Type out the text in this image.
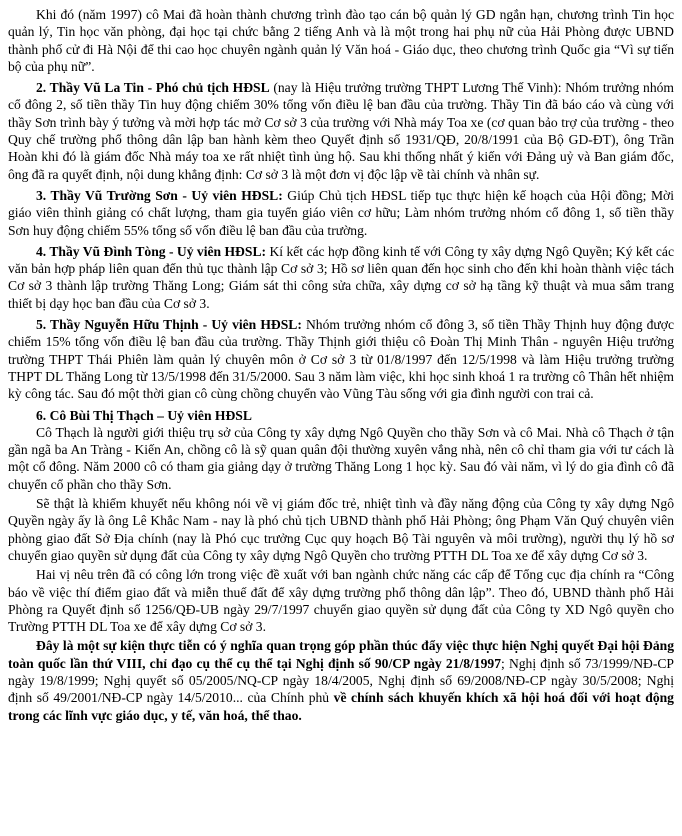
Khi đó (năm 1997) cô Mai đã hoàn thành chương trình đào tạo cán bộ quản lý GD ngắn hạn, chương trình Tin học quản lý, Tin học văn phòng, đại học tại chức bằng 2 tiếng Anh và là một trong hai phụ nữ của Hải Phòng được UBND thành phố cử đi Hà Nội để thi cao học chuyên ngành quản lý Văn hoá - Giáo dục, theo chương trình Quốc gia “Vì sự tiến bộ của phụ nữ”.

2. Thầy Vũ La Tin - Phó chủ tịch HĐSL (nay là Hiệu trưởng trường THPT Lương Thế Vinh): Nhóm trưởng nhóm cổ đông 2, số tiền thầy Tin huy động chiếm 30% tổng vốn điều lệ ban đầu của trường. Thầy Tin đã báo cáo và cùng với thầy Sơn trình bày ý tưởng và mời hợp tác mở Cơ sở 3 của trường với Nhà máy Toa xe (cơ quan bảo trợ của trường - theo Quy chế trường phổ thông dân lập ban hành kèm theo Quyết định số 1931/QĐ, 20/8/1991 của Bộ GD-ĐT), ông Trần Hoàn khi đó là giám đốc Nhà máy toa xe rất nhiệt tình ủng hộ. Sau khi thống nhất ý kiến với Đảng uỷ và Ban giám đốc, ông đã ra quyết định, nội dung khẳng định: Cơ sở 3 là một đơn vị độc lập về tài chính và nhân sự.

3. Thầy Vũ Trường Sơn - Uỷ viên HĐSL: Giúp Chủ tịch HĐSL tiếp tục thực hiện kế hoạch của Hội đồng; Mời giáo viên thỉnh giảng có chất lượng, tham gia tuyển giáo viên cơ hữu; Làm nhóm trưởng nhóm cổ đông 1, số tiền thầy Sơn huy động chiếm 55% tổng số vốn điều lệ ban đầu của trường.

4. Thầy Vũ Đình Tòng - Uỷ viên HĐSL: Kí kết các hợp đồng kinh tế với Công ty xây dựng Ngô Quyền; Ký kết các văn bản hợp pháp liên quan đến thủ tục thành lập Cơ sở 3; Hồ sơ liên quan đến học sinh cho đến khi hoàn thành việc tách Cơ sở 3 thành lập trường Thăng Long; Giám sát thi công sửa chữa, xây dựng cơ sở hạ tầng kỹ thuật và mua sắm trang thiết bị dạy học ban đầu của Cơ sở 3.

5. Thầy Nguyễn Hữu Thịnh - Uỷ viên HĐSL: Nhóm trưởng nhóm cổ đông 3, số tiền Thầy Thịnh huy động được chiếm 15% tổng vốn điều lệ ban đầu của trường. Thầy Thịnh giới thiệu cô Đoàn Thị Minh Thân - nguyên Hiệu trưởng trường THPT Thái Phiên làm quản lý chuyên môn ở Cơ sở 3 từ 01/8/1997 đến 12/5/1998 và làm Hiệu trưởng trường THPT DL Thăng Long từ 13/5/1998 đến 31/5/2000. Sau 3 năm làm việc, khi học sinh khoá 1 ra trường cô Thân hết nhiệm kỳ công tác. Sau đó một thời gian cô cùng chồng chuyển vào Vũng Tàu sống với gia đình người con trai cả.

6. Cô Bùi Thị Thạch – Uỷ viên HĐSL

Cô Thạch là người giới thiệu trụ sở của Công ty xây dựng Ngô Quyền cho thầy Sơn và cô Mai. Nhà cô Thạch ở tận gần ngã ba An Tràng - Kiến An, chồng cô là sỹ quan quân đội thường xuyên vắng nhà, nên cô chỉ tham gia với tư cách là một cổ đông. Năm 2000 cô có tham gia giảng dạy ở trường Thăng Long 1 học kỳ. Sau đó vài năm, vì lý do gia đình cô đã chuyển cổ phần cho thầy Sơn.

Sẽ thật là khiếm khuyết nếu không nói về vị giám đốc trẻ, nhiệt tình và đầy năng động của Công ty xây dựng Ngô Quyền ngày ấy là ông Lê Khắc Nam - nay là phó chủ tịch UBND thành phố Hải Phòng; ông Phạm Văn Quý chuyên viên phòng giao đất Sở Địa chính (nay là Phó cục trưởng Cục quy hoạch Bộ Tài nguyên và môi trường), người thụ lý hồ sơ chuyển giao quyền sử dụng đất của Công ty xây dựng Ngô Quyền cho trường PTTH DL Toa xe để xây dựng Cơ sở 3.

Hai vị nêu trên đã có công lớn trong việc đề xuất với ban ngành chức năng các cấp để Tổng cục địa chính ra “Công báo về việc thí điểm giao đất và miễn thuế đất để xây dựng trường phổ thông dân lập”. Theo đó, UBND thành phố Hải Phòng ra Quyết định số 1256/QĐ-UB ngày 29/7/1997 chuyển giao quyền sử dụng đất của Công ty XD Ngô quyền cho Trường PTTH DL Toa xe để xây dựng Cơ sở 3.

Đây là một sự kiện thực tiễn có ý nghĩa quan trọng góp phần thúc đẩy việc thực hiện Nghị quyết Đại hội Đảng toàn quốc lần thứ VIII, chỉ đạo cụ thể cụ thể tại Nghị định số 90/CP ngày 21/8/1997; Nghị định số 73/1999/NĐ-CP ngày 19/8/1999; Nghị quyết số 05/2005/NQ-CP ngày 18/4/2005, Nghị định số 69/2008/NĐ-CP ngày 30/5/2008; Nghị định số 49/2001/NĐ-CP ngày 14/5/2010... của Chính phủ về chính sách khuyến khích xã hội hoá đối với hoạt động trong các lĩnh vực giáo dục, y tế, văn hoá, thể thao.
